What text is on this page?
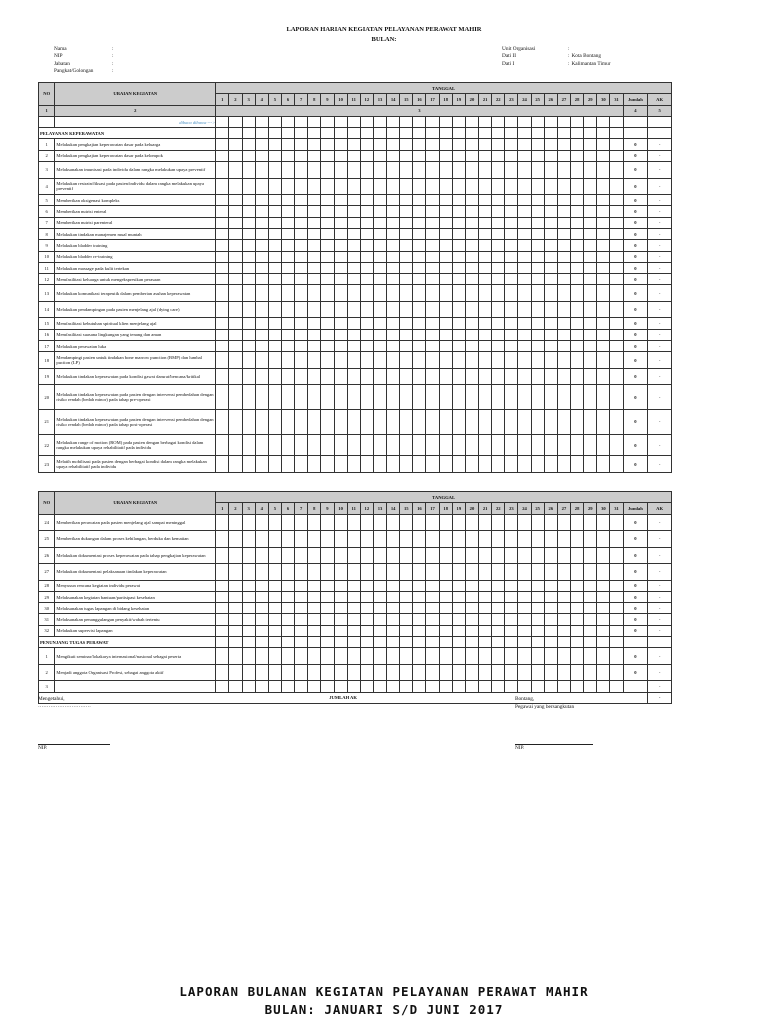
LAPORAN HARIAN KEGIATAN PELAYANAN PERAWAT MAHIR
BULAN:
Nama	:
NIP	:
Jabatan	:
Pangkat/Golongan	:
Unit Organisasi	:
Dati II	: Kota Bontang
Dati I	: Kalimantan Timur
NO	URAIAN KEGIATAN	TANGGAL																																
		1	2	3	4	5	6	7	8	9	10	11	12	13	14	15	16	17	18	19	20	21	22	23	24	25	26	27	28	29	30	31	Jumlah	AK
1	2	3																															4	5
	dibaca dibawa --->																																	
PELAYANAN KEPERAWATAN																																		
1	Melakukan pengkajian keperawatan dasar pada keluarga																																0	-
2	Melakukan pengkajian keperawatan dasar pada kelompok																																0	-
3	Melaksanakan imunisasi pada individu dalam rangka melakukan upaya preventif																																0	-
4	Melakukan restrain/fiksasi pada pasien/individu dalam rangka melakukan upaya preventif																																0	-
5	Memberikan oksigenasi kompleks																																0	-
6	Memberikan nutrisi enteral																																0	-
7	Memberikan nutrisi parenteral																																0	-
8	Melakukan tindakan manajemen mual muntah																																0	-
9	Melakukan bladder training																																0	-
10	Melakukan bladder re-training																																0	-
11	Melakukan massage pada kulit tertekan																																0	-
12	Memfasilitasi keluarga untuk mengekspresikan perasaan																																0	-
13	Melakukan komunikasi terapeutik dalam pemberian asuhan keperawatan																																0	-
14	Melakukan pendampingan pada pasien menjelang ajal (dying care)																																0	-
15	Memfasilitasi kebutuhan spiritual klien menjelang ajal																																0	-
16	Memfasilitasi suasana lingkungan yang tenang dan aman																																0	-
17	Melakukan perawatan luka																																0	-
18	Mendampingi pasien untuk tindakan bone marrow punction (BMP) dan lumbal puction (LP)																																0	-
19	Melakukan tindakan keperawatan pada kondisi gawat darurat/bencana/kritikal																																0	-
20	Melakukan tindakan keperawatan pada pasien dengan intervensi pembedahan dengan risiko rendah (bedah minor) pada tahap pre-operasi																																0	-
21	Melakukan tindakan keperawatan pada pasien dengan intervensi pembedahan dengan risiko rendah (bedah minor) pada tahap post-operasi																																0	-
22	Melakukan range of motion (ROM) pada pasien dengan berbagai kondisi dalam rangka melakukan upaya rehabilitatif pada individu																																0	-
23	Melatih mobilisasi pada pasien dengan berbagai kondisi dalam rangka melakukan upaya rehabilitatif pada individu																																0	-
NO	URAIAN KEGIATAN	TANGGAL																																
		1	2	3	4	5	6	7	8	9	10	11	12	13	14	15	16	17	18	19	20	21	22	23	24	25	26	27	28	29	30	31	Jumlah	AK
24	Memberikan perawatan pada pasien menjelang ajal sampai meninggal																																0	-
25	Memberikan dukungan dalam proses kehilangan, berduka dan kematian																																0	-
26	Melakukan dokumentasi proses keperawatan pada tahap pengkajian keperawatan																																0	-
27	Melakukan dokumentasi pelaksanaan tindakan keperawatan																																0	-
28	Menyusun rencana kegiatan individu perawat																																0	-
29	Melaksanakan kegiatan bantuan/partisipasi kesehatan																																0	-
30	Melaksanakan tugas lapangan di bidang kesehatan																																0	-
31	Melaksanakan penanggulangan penyakit/wabah tertentu																																0	-
32	Melakukan supervisi lapangan																																0	-
PENUNJANG TUGAS PERAWAT																																		
1	Mengikuti seminar/lokakarya internasional/nasional sebagai peserta																																0	-
2	Menjadi anggota Organisasi Profesi, sebagai anggota aktif																																0	-
3																																		-
JUMLAH AK																																		-
Mengetahui,
…………………………
Bontang,
Pegawai yang bersangkutan
NIP.	NIP.
LAPORAN BULANAN KEGIATAN PELAYANAN PERAWAT MAHIR
BULAN: JANUARI S/D JUNI 2017
